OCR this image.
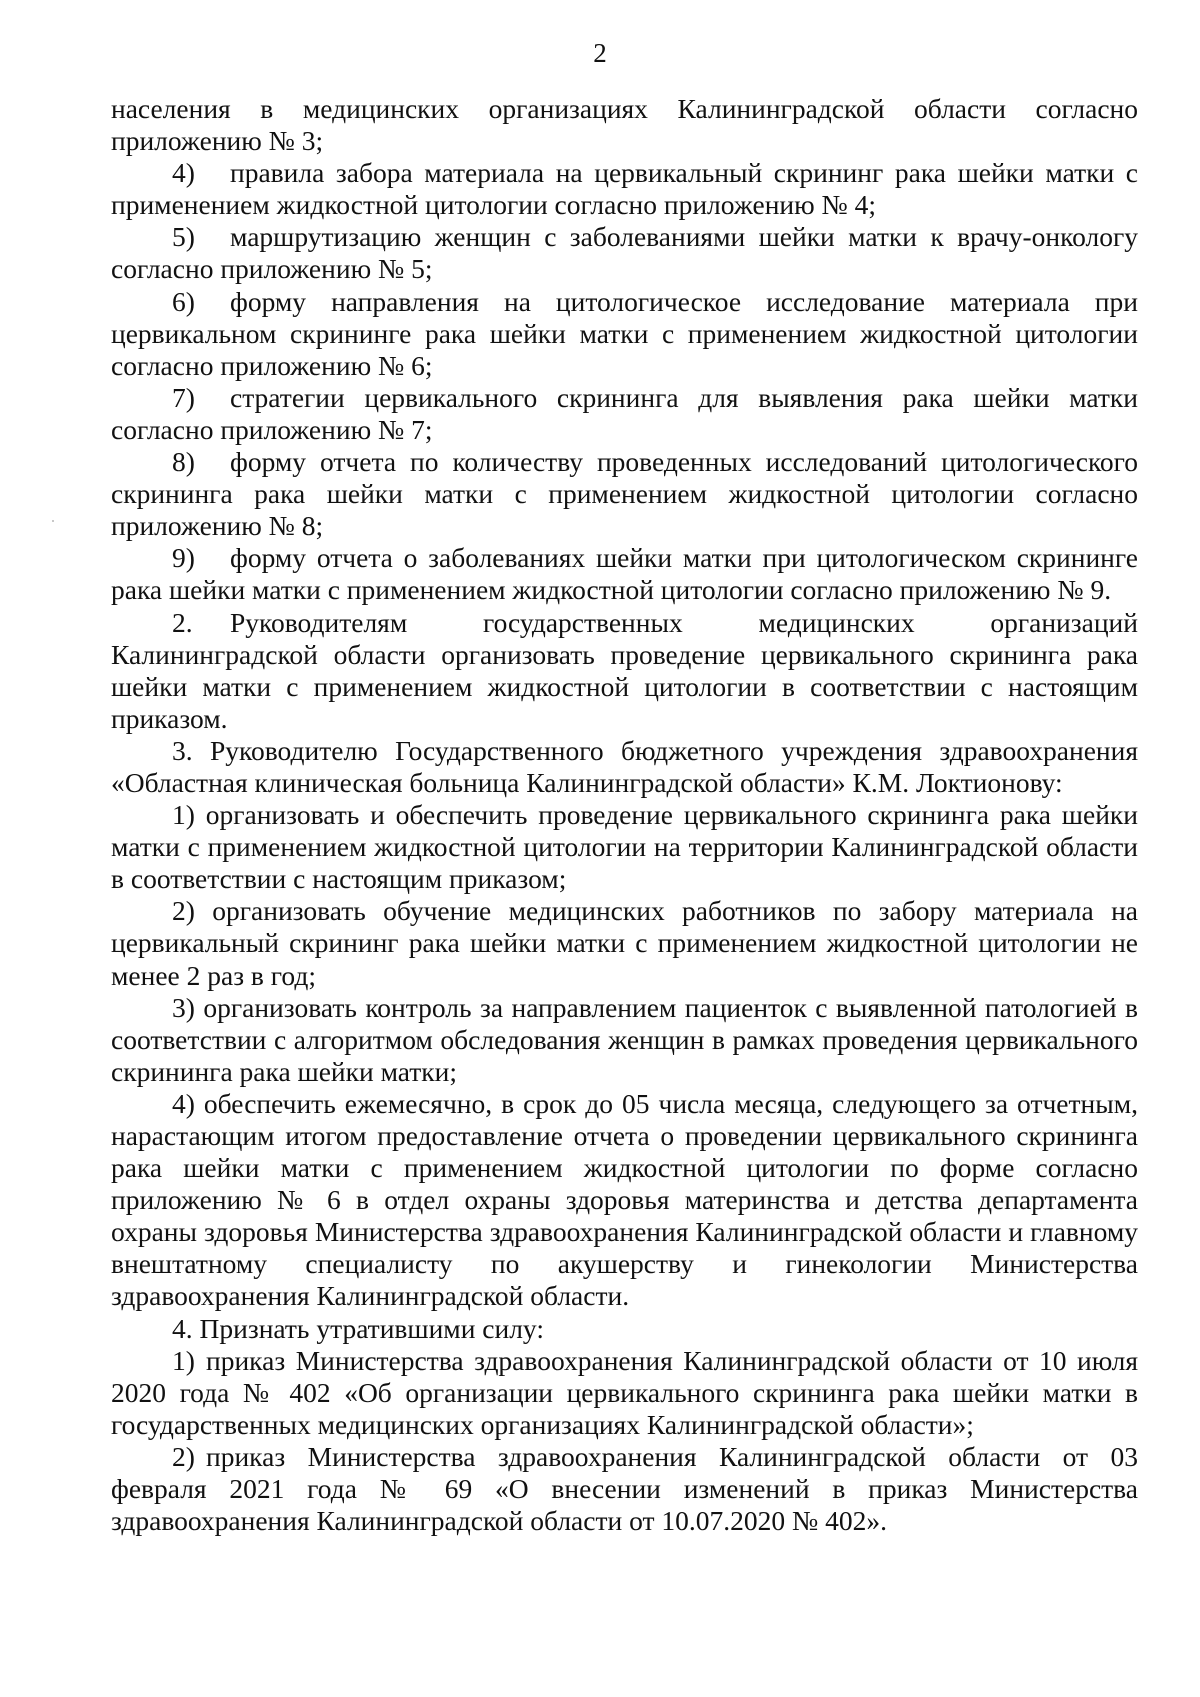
2

населения в медицинских организациях Калининградской области согласно приложению № 3;

4) правила забора материала на цервикальный скрининг рака шейки матки с применением жидкостной цитологии согласно приложению № 4;

5) маршрутизацию женщин с заболеваниями шейки матки к врачу-онкологу согласно приложению № 5;

6) форму направления на цитологическое исследование материала при цервикальном скрининге рака шейки матки с применением жидкостной цитологии согласно приложению № 6;

7) стратегии цервикального скрининга для выявления рака шейки матки согласно приложению № 7;

8) форму отчета по количеству проведенных исследований цитологического скрининга рака шейки матки с применением жидкостной цитологии согласно приложению № 8;

9) форму отчета о заболеваниях шейки матки при цитологическом скрининге рака шейки матки с применением жидкостной цитологии согласно приложению № 9.

2. Руководителям государственных медицинских организаций Калининградской области организовать проведение цервикального скрининга рака шейки матки с применением жидкостной цитологии в соответствии с настоящим приказом.

3. Руководителю Государственного бюджетного учреждения здравоохранения «Областная клиническая больница Калининградской области» К.М. Локтионову:

1) организовать и обеспечить проведение цервикального скрининга рака шейки матки с применением жидкостной цитологии на территории Калининградской области в соответствии с настоящим приказом;

2) организовать обучение медицинских работников по забору материала на цервикальный скрининг рака шейки матки с применением жидкостной цитологии не менее 2 раз в год;

3) организовать контроль за направлением пациенток с выявленной патологией в соответствии с алгоритмом обследования женщин в рамках проведения цервикального скрининга рака шейки матки;

4) обеспечить ежемесячно, в срок до 05 числа месяца, следующего за отчетным, нарастающим итогом предоставление отчета о проведении цервикального скрининга рака шейки матки с применением жидкостной цитологии по форме согласно приложению № 6 в отдел охраны здоровья материнства и детства департамента охраны здоровья Министерства здравоохранения Калининградской области и главному внештатному специалисту по акушерству и гинекологии Министерства здравоохранения Калининградской области.

4. Признать утратившими силу:

1) приказ Министерства здравоохранения Калининградской области от 10 июля 2020 года № 402 «Об организации цервикального скрининга рака шейки матки в государственных медицинских организациях Калининградской области»;

2) приказ Министерства здравоохранения Калининградской области от 03 февраля 2021 года № 69 «О внесении изменений в приказ Министерства здравоохранения Калининградской области от 10.07.2020 № 402».
